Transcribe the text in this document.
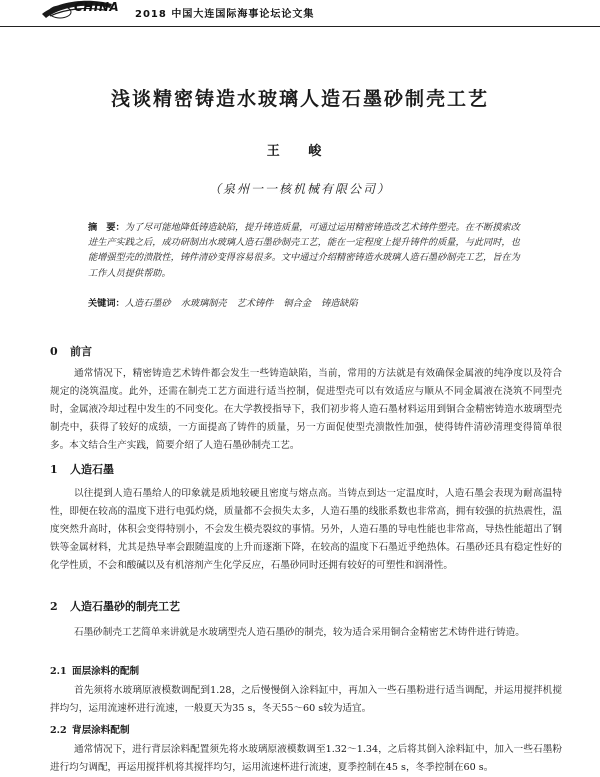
CHINA
2018 中国大连国际海事论坛论文集
浅谈精密铸造水玻璃人造石墨砂制壳工艺
王 峻
（泉州一一核机械有限公司）
摘　要：为了尽可能地降低铸造缺陷，提升铸造质量，可通过运用精密铸造改艺术铸件塑壳。在不断摸索改进生产实践之后，成功研制出水玻璃人造石墨砂制壳工艺，能在一定程度上提升铸件的质量，与此同时，也能增强型壳的溃散性，铸件清砂变得容易很多。文中通过介绍精密铸造水玻璃人造石墨砂制壳工艺，旨在为工作人员提供帮助。
关键词：人造石墨砂 水玻璃制壳 艺术铸件 铜合金 铸造缺陷
0 前言
通常情况下，精密铸造艺术铸件都会发生一些铸造缺陷，当前，常用的方法就是有效确保金属液的纯净度以及符合规定的浇筑温度。此外，还需在制壳工艺方面进行适当控制，促进型壳可以有效适应与顺从不同金属液在浇筑不同型壳时，金属液冷却过程中发生的不同变化。在大学教授指导下，我们初步将人造石墨材料运用到铜合金精密铸造水玻璃型壳制壳中，获得了较好的成绩，一方面提高了铸件的质量，另一方面促使型壳溃散性加强，使得铸件清砂清理变得简单很多。本文结合生产实践，简要介绍了人造石墨砂制壳工艺。
1 人造石墨
以往提到人造石墨给人的印象就是质地较硬且密度与熔点高。当铸点到达一定温度时，人造石墨会表现为耐高温特性，即便在较高的温度下进行电弧灼烧，质量都不会损失太多，人造石墨的线胀系数也非常高，拥有较强的抗热震性，温度突然升高时，体积会变得特别小，不会发生模壳裂纹的事情。另外，人造石墨的导电性能也非常高，导热性能超出了钢铁等金属材料，尤其是热导率会跟随温度的上升而逐渐下降，在较高的温度下石墨近乎绝热体。石墨砂还具有稳定性好的化学性质，不会和酸碱以及有机溶剂产生化学反应，石墨砂同时还拥有较好的可塑性和润滑性。
2 人造石墨砂的制壳工艺
石墨砂制壳工艺简单来讲就是水玻璃型壳人造石墨砂的制壳，较为适合采用铜合金精密艺术铸件进行铸造。
2.1 面层涂料的配制
首先须将水玻璃原液模数调配到1.28，之后慢慢倒入涂料缸中，再加入一些石墨粉进行适当调配，并运用搅拌机搅拌均匀，运用流速杯进行流速，一般夏天为35 s，冬天55～60 s较为适宜。
2.2 背层涂料配制
通常情况下，进行背层涂料配置须先将水玻璃原液模数调至1.32～1.34，之后将其倒入涂料缸中，加入一些石墨粉进行均匀调配，再运用搅拌机将其搅拌均匀，运用流速杯进行流速，夏季控制在45 s，冬季控制在60 s。
